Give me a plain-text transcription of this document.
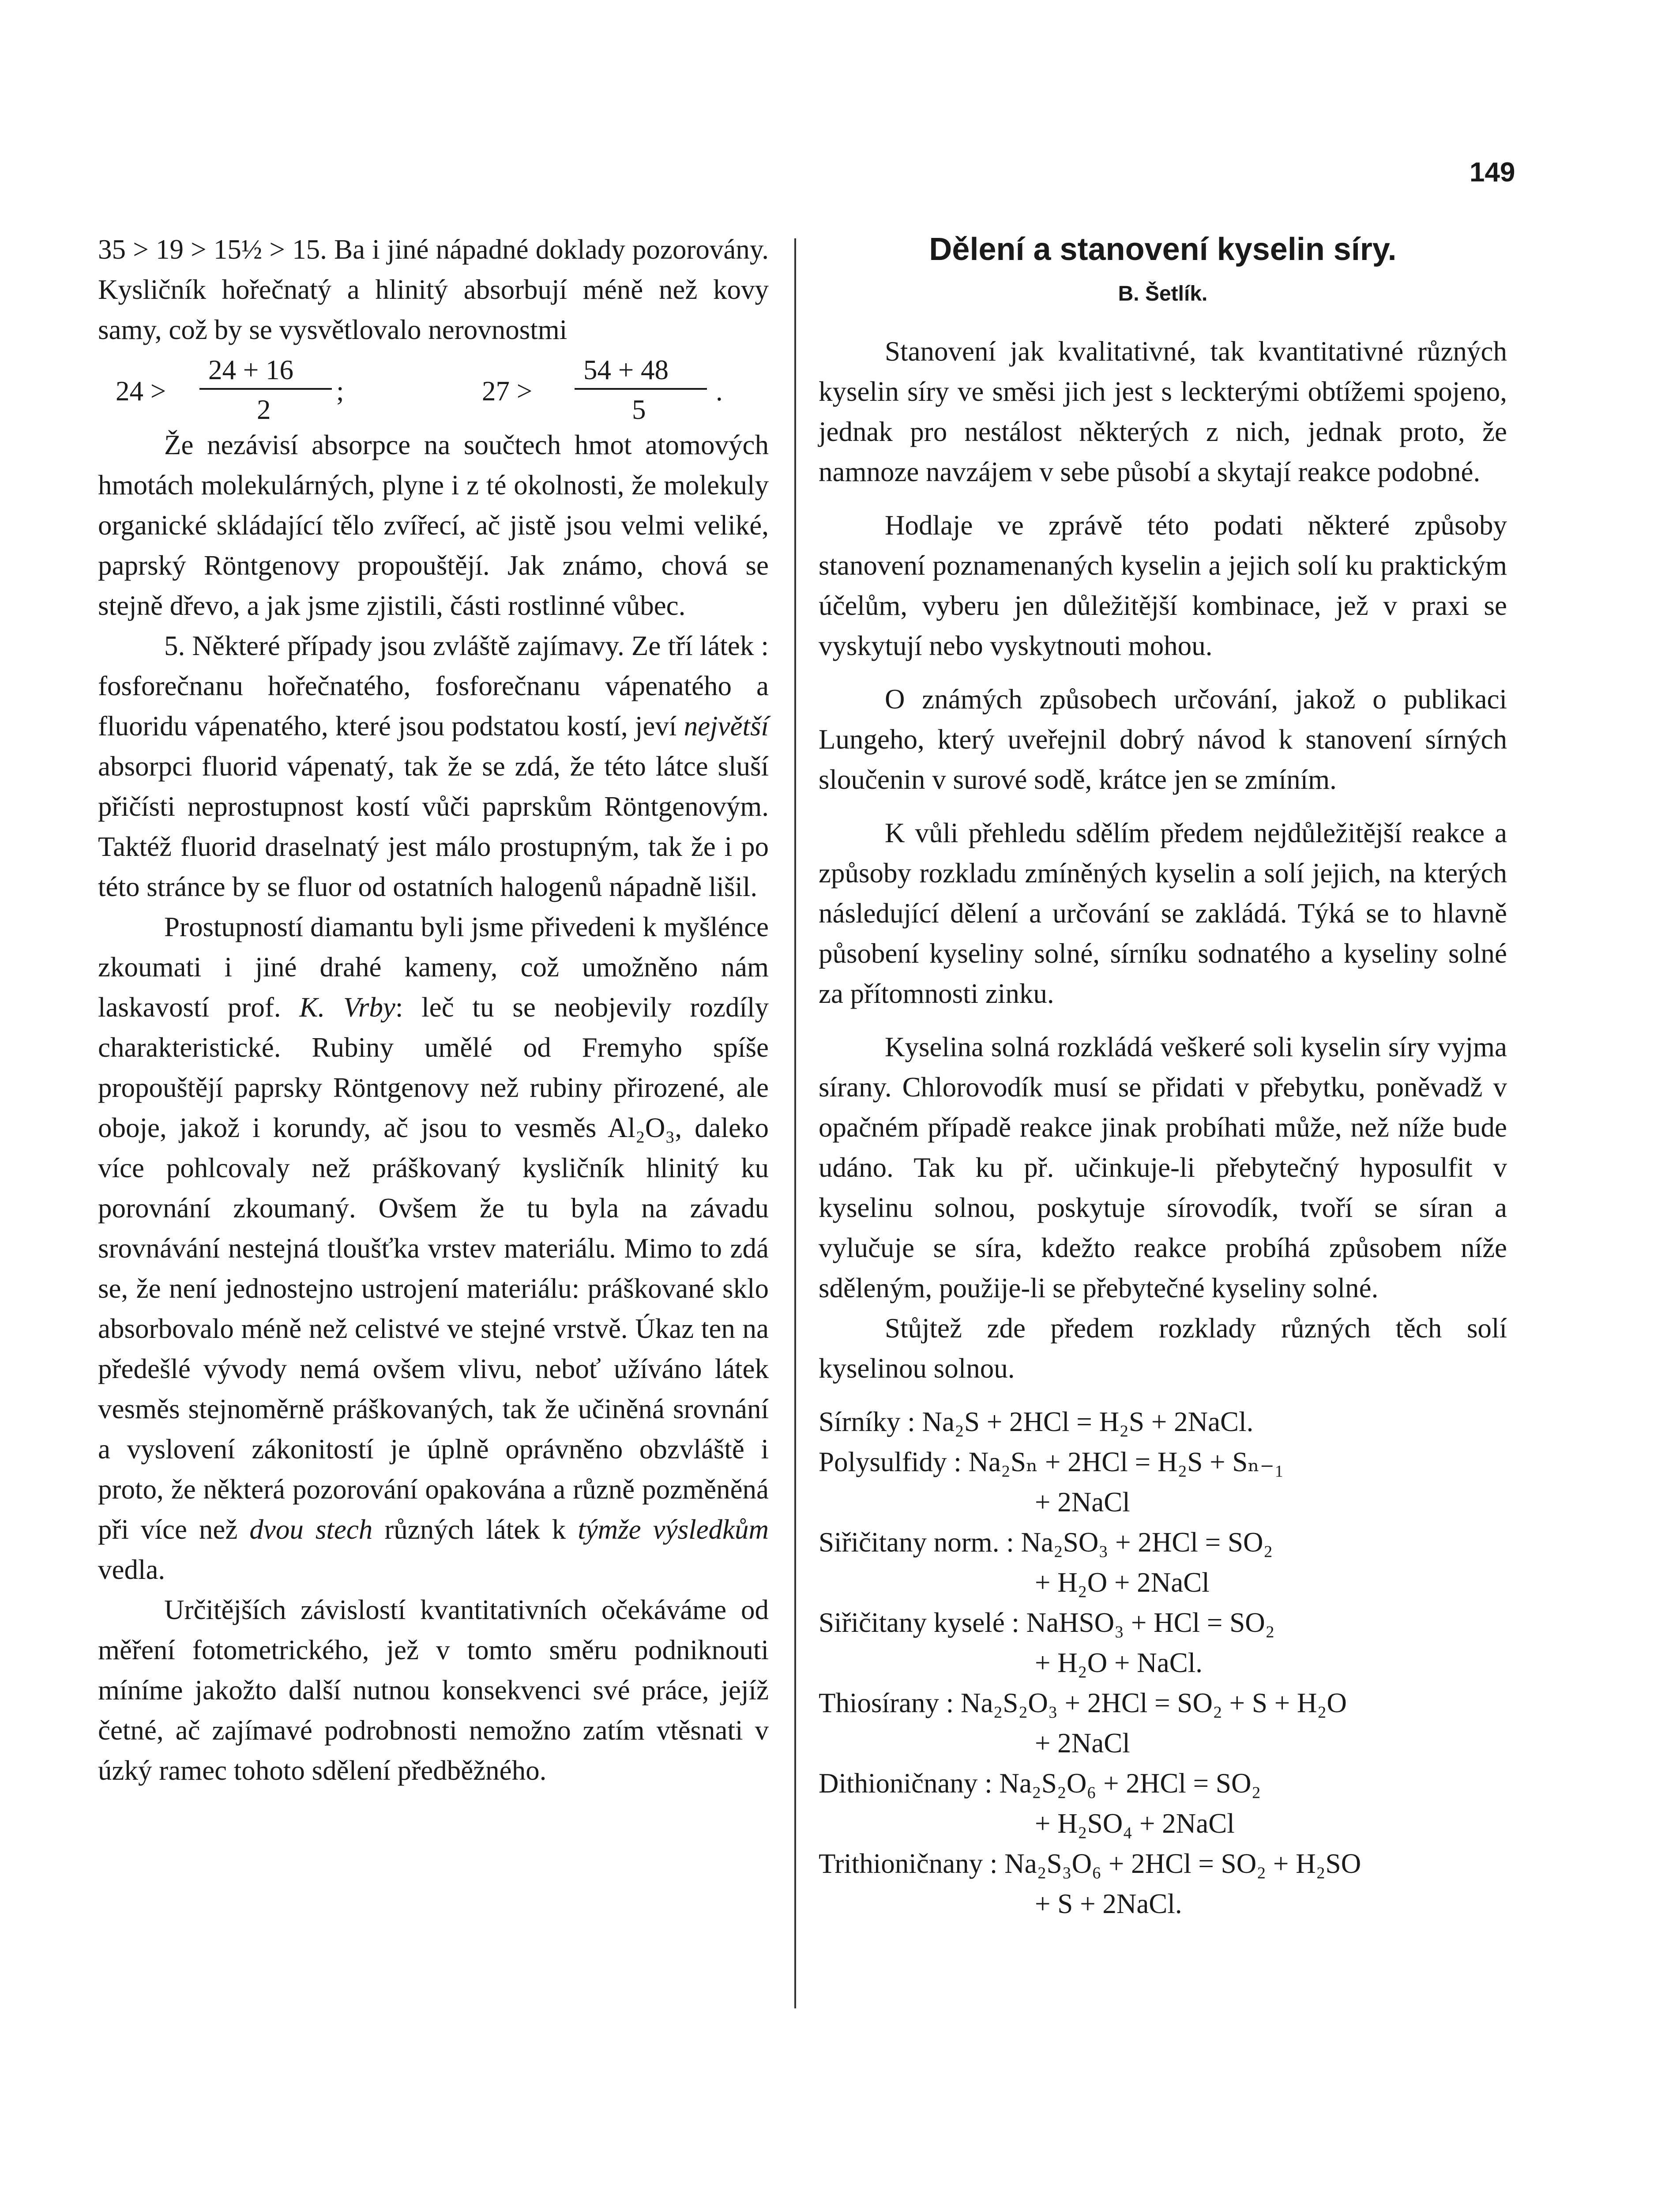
149

35 > 19 > 15½ > 15. Ba i jiné nápadné doklady pozorovány. Kysličník hořečnatý a hlinitý absorbují méně než kovy samy, což by se vysvětlovalo nerovnostmi

24 >
24 + 16
2
;	27 >
54 + 48
5
.

Že nezávisí absorpce na součtech hmot atomových hmotách molekulárných, plyne i z té okolnosti, že molekuly organické skládající tělo zvířecí, ač jistě jsou velmi veliké, paprský Röntgenovy propouštějí. Jak známo, chová se stejně dřevo, a jak jsme zjistili, části rostlinné vůbec.

5. Některé případy jsou zvláště zajímavy. Ze tří látek : fosforečnanu hořečnatého, fosforečnanu vápenatého a fluoridu vápenatého, které jsou podstatou kostí, jeví největší absorpci fluorid vápenatý, tak že se zdá, že této látce sluší přičísti neprostupnost kostí vůči paprskům Röntgenovým. Taktéž fluorid draselnatý jest málo prostupným, tak že i po této stránce by se fluor od ostatních halogenů nápadně lišil.

Prostupností diamantu byli jsme přivedeni k myšlénce zkoumati i jiné drahé kameny, což umožněno nám laskavostí prof. K. Vrby: leč tu se neobjevily rozdíly charakteristické. Rubiny umělé od Fremyho spíše propouštějí paprsky Röntgenovy než rubiny přirozené, ale oboje, jakož i korundy, ač jsou to vesměs Al₂O₃, daleko více pohlcovaly než práškovaný kysličník hlinitý ku porovnání zkoumaný. Ovšem že tu byla na závadu srovnávání nestejná tloušťka vrstev materiálu. Mimo to zdá se, že není jednostejno ustrojení materiálu: práškované sklo absorbovalo méně než celistvé ve stejné vrstvě. Úkaz ten na předešlé vývody nemá ovšem vlivu, neboť užíváno látek vesměs stejnoměrně práškovaných, tak že učiněná srovnání a vyslovení zákonitostí je úplně oprávněno obzvláště i proto, že některá pozorování opakována a různě pozměněná při více než dvou stech různých látek k týmže výsledkům vedla.

Určitějších závislostí kvantitativních očekáváme od měření fotometrického, jež v tomto směru podniknouti míníme jakožto další nutnou konsekvenci své práce, jejíž četné, ač zajímavé podrobnosti nemožno zatím vtěsnati v úzký ramec tohoto sdělení předběžného.

Dělení a stanovení kyselin síry.
B. Šetlík.

Stanovení jak kvalitativné, tak kvantitativné různých kyselin síry ve směsi jich jest s leckterými obtížemi spojeno, jednak pro nestálost některých z nich, jednak proto, že namnoze navzájem v sebe působí a skytají reakce podobné.

Hodlaje ve zprávě této podati některé způsoby stanovení poznamenaných kyselin a jejich solí ku praktickým účelům, vyberu jen důležitější kombinace, jež v praxi se vyskytují nebo vyskytnouti mohou.

O známých způsobech určování, jakož o publikaci Lungeho, který uveřejnil dobrý návod k stanovení sírných sloučenin v surové sodě, krátce jen se zmíním.

K vůli přehledu sdělím předem nejdůležitější reakce a způsoby rozkladu zmíněných kyselin a solí jejich, na kterých následující dělení a určování se zakládá. Týká se to hlavně působení kyseliny solné, sírníku sodnatého a kyseliny solné za přítomnosti zinku.

Kyselina solná rozkládá veškeré soli kyselin síry vyjma sírany. Chlorovodík musí se přidati v přebytku, poněvadž v opačném případě reakce jinak probíhati může, než níže bude udáno. Tak ku př. učinkuje-li přebytečný hyposulfit v kyselinu solnou, poskytuje sírovodík, tvoří se síran a vylučuje se síra, kdežto reakce probíhá způsobem níže sděleným, použije-li se přebytečné kyseliny solné.

Stůjtež zde předem rozklady různých těch solí kyselinou solnou.

Sírníky : Na₂S + 2HCl = H₂S + 2NaCl.

Polysulfidy : Na₂Sₙ + 2HCl = H₂S + Sₙ₋₁

+ 2NaCl

Siřičitany norm. : Na₂SO₃ + 2HCl = SO₂

+ H₂O + 2NaCl

Siřičitany kyselé : NaHSO₃ + HCl = SO₂

+ H₂O + NaCl.

Thiosírany : Na₂S₂O₃ + 2HCl = SO₂ + S + H₂O

+ 2NaCl

Dithioničnany : Na₂S₂O₆ + 2HCl = SO₂

+ H₂SO₄ + 2NaCl

Trithioničnany : Na₂S₃O₆ + 2HCl = SO₂ + H₂SO

+ S + 2NaCl.
